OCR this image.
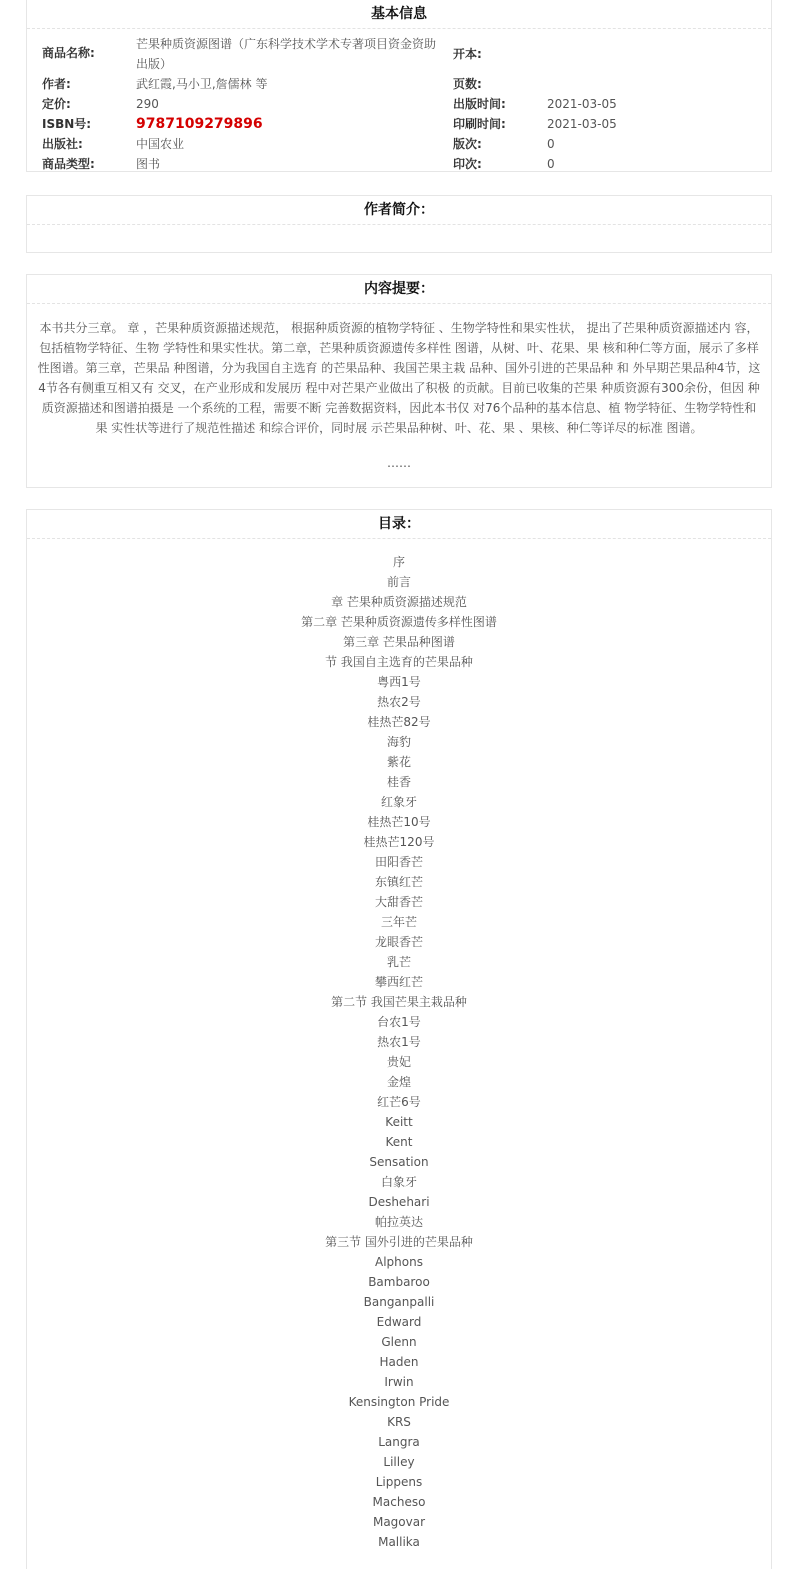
基本信息
商品名称:
芒果种质资源图谱（广东科学技术学术专著项目资金资助出版）
作者:	武红霞,马小卫,詹儒林 等
定价:	290
ISBN号:	9787109279896
出版社:	中国农业
商品类型:	图书
开本:
页数:
出版时间:	2021-03-05
印刷时间:	2021-03-05
版次:	0
印次:	0
作者简介：
内容提要：
本书共分三章。 章 ，芒果种质资源描述规范， 根据种质资源的植物学特征 、生物学特性和果实性状， 提出了芒果种质资源描述内 容，包括植物学特征、生物 学特性和果实性状。第二章，芒果种质资源遗传多样性 图谱，从树、叶、花果、果 核和种仁等方面，展示了多样性图谱。第三章，芒果品 种图谱，分为我国自主选育 的芒果品种、我国芒果主栽 品种、国外引进的芒果品种 和 外早期芒果品种4节，这4节各有侧重互相又有 交叉，在产业形成和发展历 程中对芒果产业做出了积极 的贡献。目前已收集的芒果 种质资源有300余份，但因 种质资源描述和图谱拍摄是 一个系统的工程，需要不断 完善数据资料，因此本书仅 对76个品种的基本信息、植 物学特征、生物学特性和果 实性状等进行了规范性描述 和综合评价，同时展 示芒果品种树、叶、花、果 、果核、种仁等详尽的标准 图谱。
……
目录：
序
前言
章 芒果种质资源描述规范
第二章 芒果种质资源遗传多样性图谱
第三章 芒果品种图谱
节 我国自主选育的芒果品种
粤西1号
热农2号
桂热芒82号
海豹
紫花
桂香
红象牙
桂热芒10号
桂热芒120号
田阳香芒
东镇红芒
大甜香芒
三年芒
龙眼香芒
乳芒
攀西红芒
第二节 我国芒果主栽品种
台农1号
热农1号
贵妃
金煌
红芒6号
Keitt
Kent
Sensation
白象牙
Deshehari
帕拉英达
第三节 国外引进的芒果品种
Alphons
Bambaroo
Banganpalli
Edward
Glenn
Haden
Irwin
Kensington Pride
KRS
Langra
Lilley
Lippens
Macheso
Magovar
Mallika
